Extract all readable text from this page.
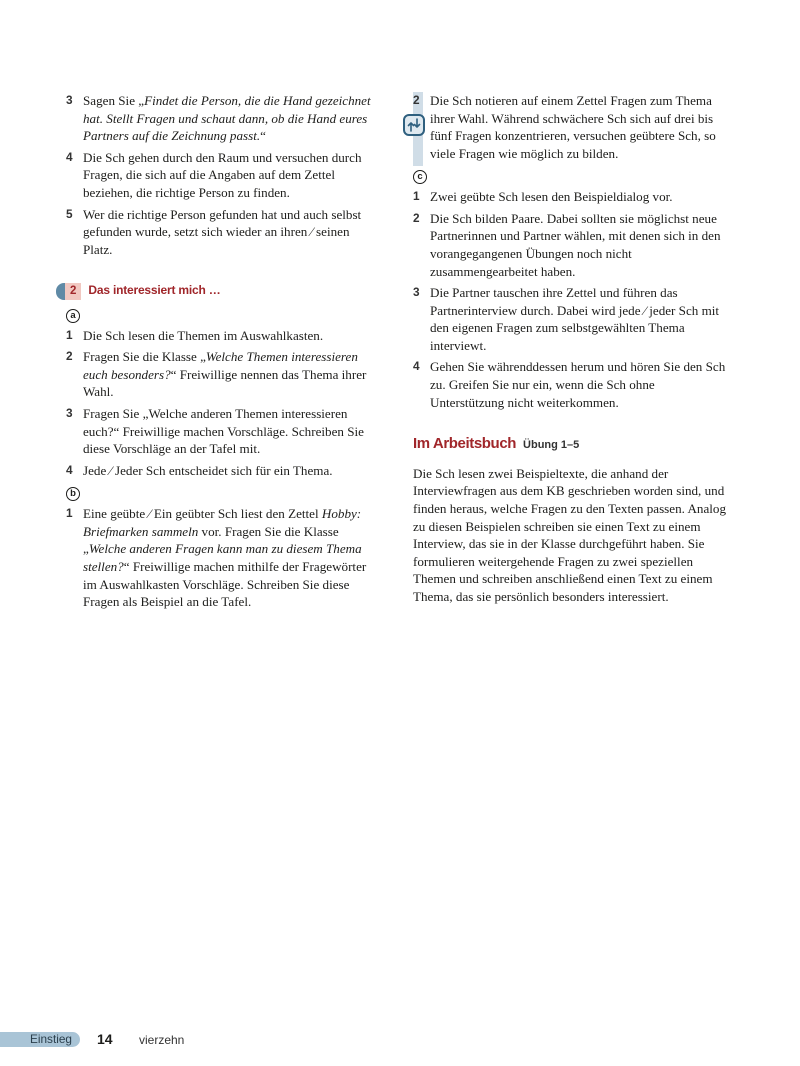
3 Sagen Sie „Findet die Person, die die Hand gezeichnet hat. Stellt Fragen und schaut dann, ob die Hand eures Partners auf die Zeichnung passt.“
4 Die Sch gehen durch den Raum und versuchen durch Fragen, die sich auf die Angaben auf dem Zettel beziehen, die richtige Person zu finden.
5 Wer die richtige Person gefunden hat und auch selbst gefunden wurde, setzt sich wieder an ihren ⁄ seinen Platz.
2	Das interessiert mich …
a
1 Die Sch lesen die Themen im Auswahlkasten.
2 Fragen Sie die Klasse „Welche Themen interessieren euch besonders?“ Freiwillige nennen das Thema ihrer Wahl.
3 Fragen Sie „Welche anderen Themen interessieren euch?“ Freiwillige machen Vorschläge. Schreiben Sie diese Vorschläge an der Tafel mit.
4 Jede ⁄ Jeder Sch entscheidet sich für ein Thema.
b
1 Eine geübte ⁄ Ein geübter Sch liest den Zettel Hobby: Briefmarken sammeln vor. Fragen Sie die Klasse „Welche anderen Fragen kann man zu diesem Thema stellen?“ Freiwillige machen mithilfe der Fragewörter im Auswahlkasten Vorschläge. Schreiben Sie diese Fragen als Beispiel an die Tafel.
2 Die Sch notieren auf einem Zettel Fragen zum Thema ihrer Wahl. Während schwächere Sch sich auf drei bis fünf Fragen konzentrieren, versuchen geübtere Sch, so viele Fragen wie möglich zu bilden.
c
1 Zwei geübte Sch lesen den Beispieldialog vor.
2 Die Sch bilden Paare. Dabei sollten sie möglichst neue Partnerinnen und Partner wählen, mit denen sich in den vorangegangenen Übungen noch nicht zusammengearbeitet haben.
3 Die Partner tauschen ihre Zettel und führen das Partnerinterview durch. Dabei wird jede ⁄ jeder Sch mit den eigenen Fragen zum selbstgewählten Thema interviewt.
4 Gehen Sie währenddessen herum und hören Sie den Sch zu. Greifen Sie nur ein, wenn die Sch ohne Unterstützung nicht weiterkommen.
Im Arbeitsbuch Übung 1–5

Die Sch lesen zwei Beispieltexte, die anhand der Interviewfragen aus dem KB geschrieben worden sind, und finden heraus, welche Fragen zu den Texten passen. Analog zu diesen Beispielen schreiben sie einen Text zu einem Interview, das sie in der Klasse durchgeführt haben. Sie formulieren weitergehende Fragen zu zwei speziellen Themen und schreiben anschließend einen Text zu einem Thema, das sie persönlich besonders interessiert.

Einstieg	14 vierzehn
